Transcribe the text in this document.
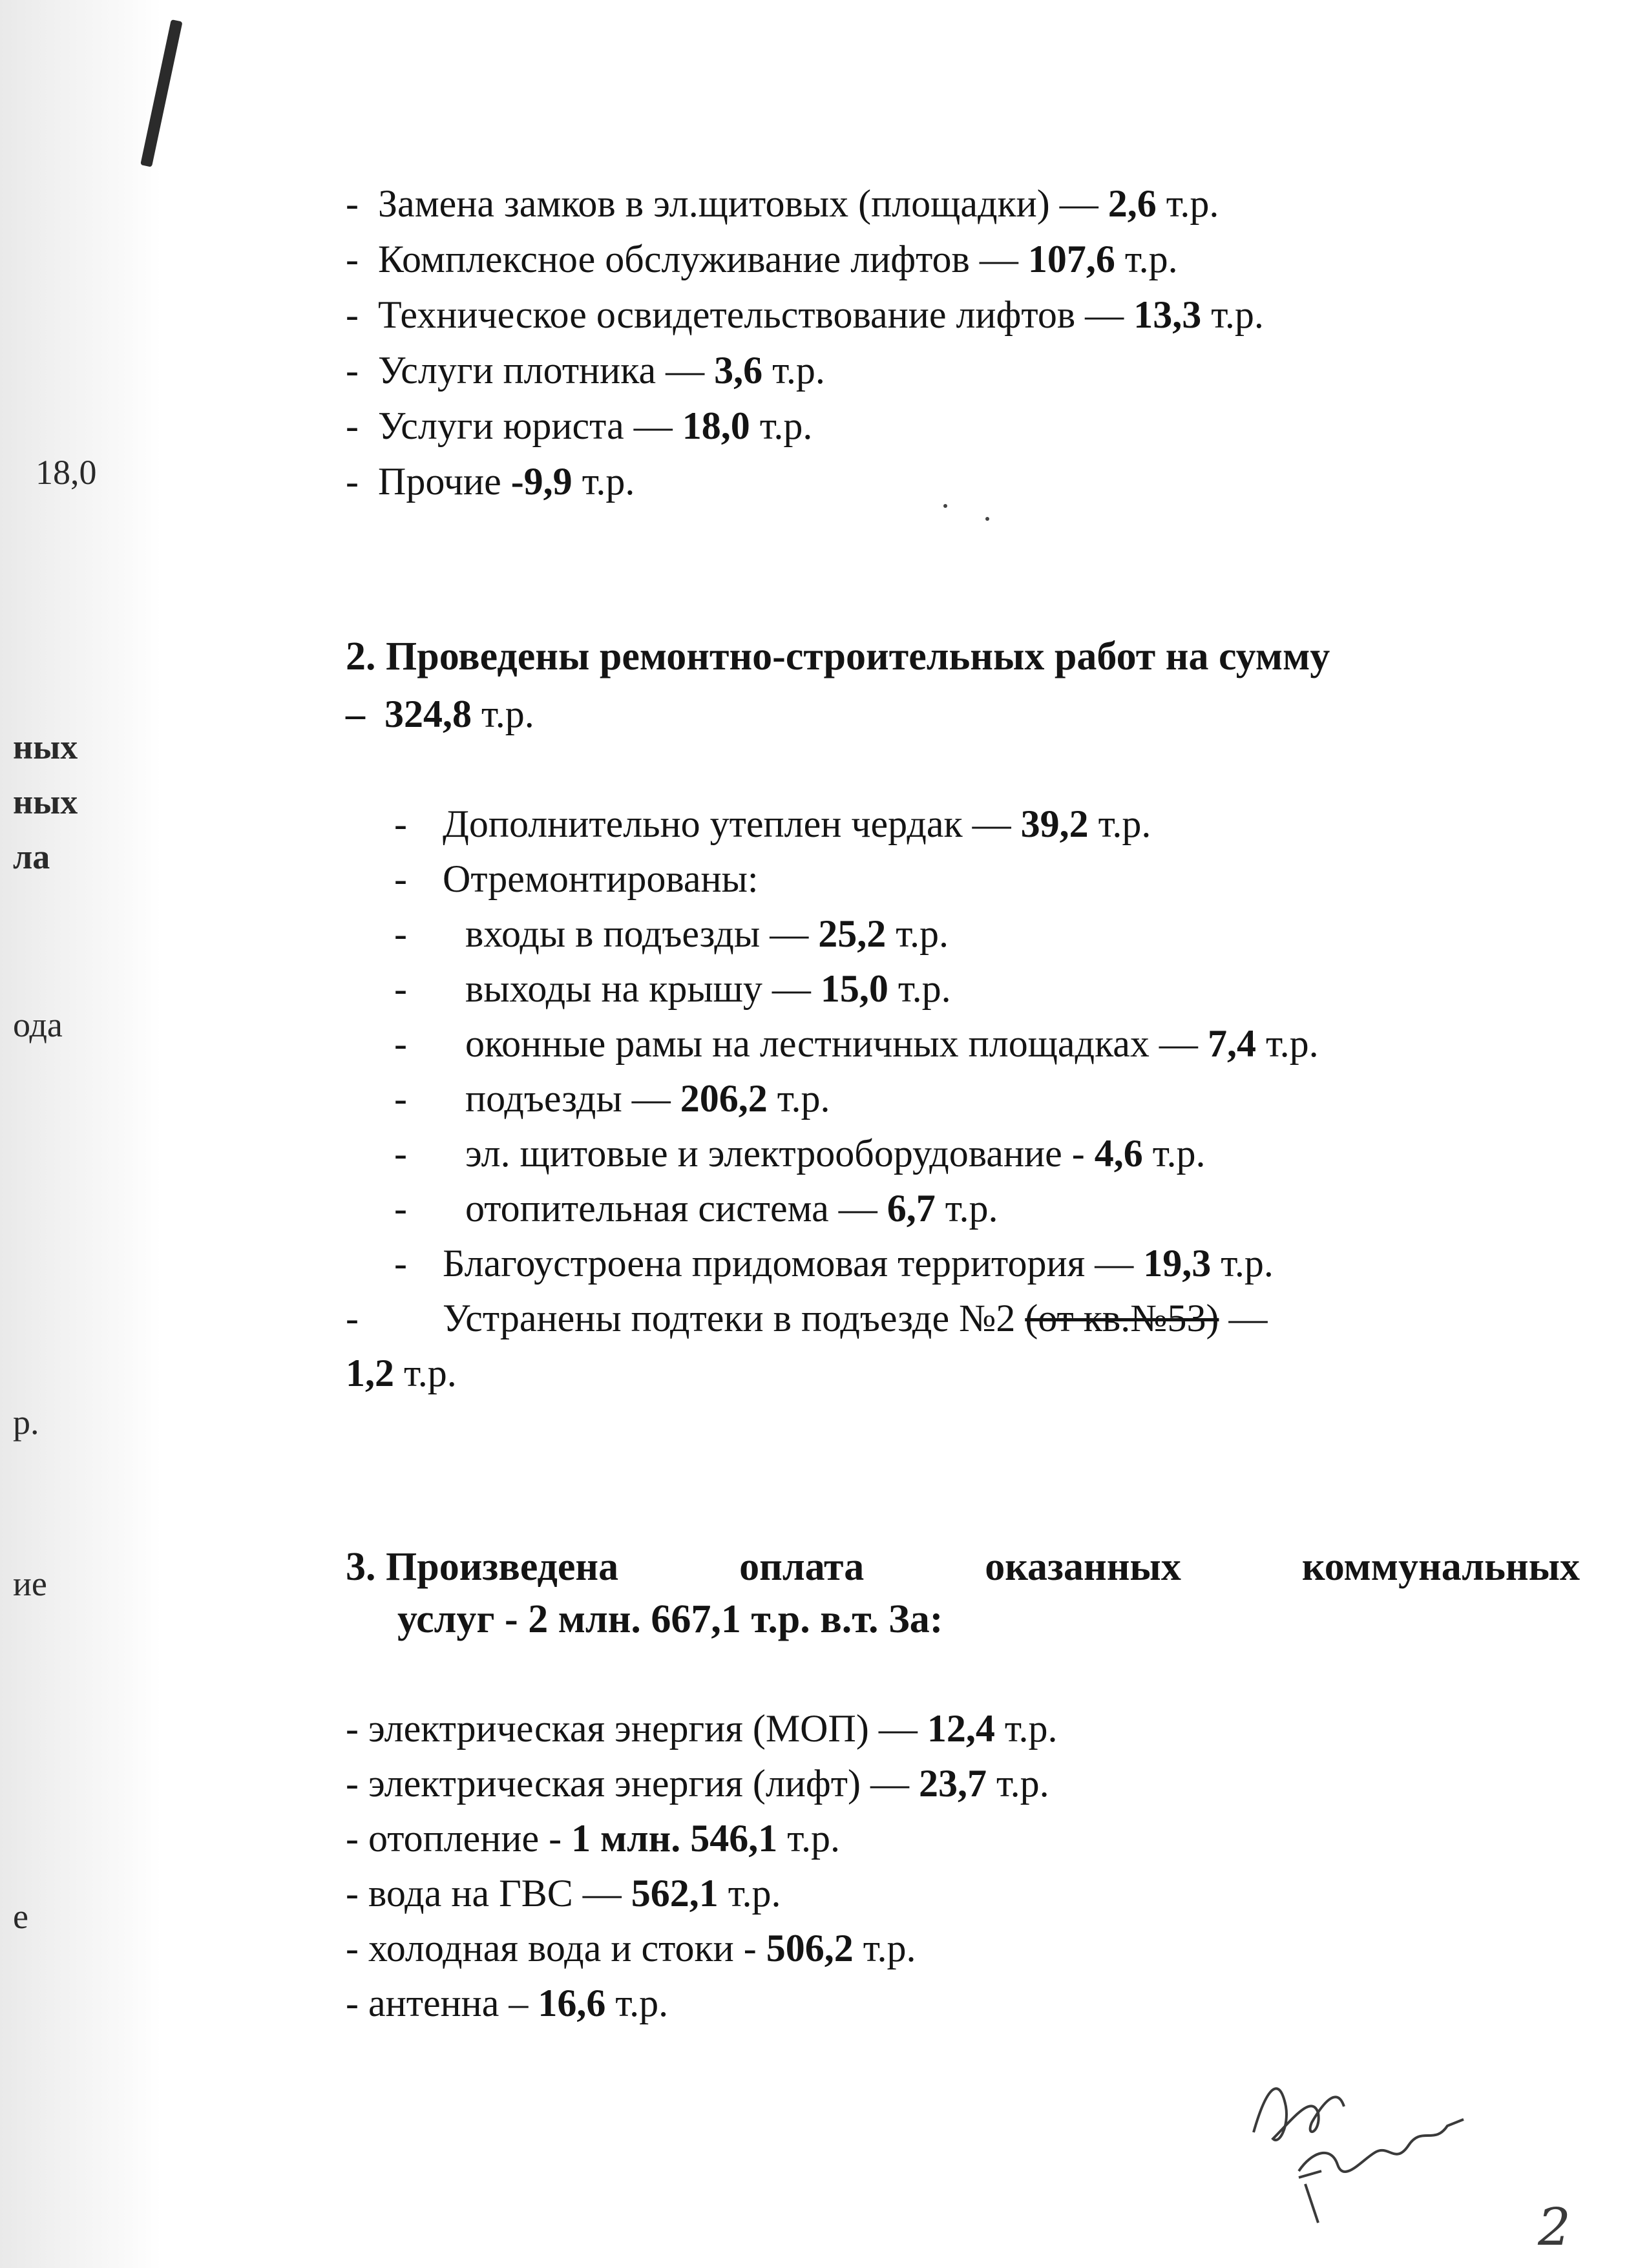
18,0
ных
ных
ла
ода
р.
ие
е
- Замена замков в эл.щитовых (площадки) — 2,6 т.р.
- Комплексное обслуживание лифтов — 107,6 т.р.
- Техническое освидетельствование лифтов — 13,3 т.р.
- Услуги плотника — 3,6 т.р.
- Услуги юриста — 18,0 т.р.
- Прочие -9,9 т.р.
2. Проведены ремонтно-строительных работ на сумму
–  324,8 т.р.
- Дополнительно утеплен чердак — 39,2 т.р.
- Отремонтированы:
- входы в подъезды — 25,2 т.р.
- выходы на крышу — 15,0 т.р.
- оконные рамы на лестничных площадках — 7,4 т.р.
- подъезды — 206,2 т.р.
- эл. щитовые и электрооборудование - 4,6 т.р.
- отопительная система — 6,7 т.р.
- Благоустроена придомовая территория — 19,3 т.р.
- Устранены подтеки в подъезде №2 (от кв.№53) —
1,2 т.р.
3. Произведена	оплата	оказанных	коммунальных
услуг - 2 млн. 667,1 т.р. в.т. За:
- электрическая энергия (МОП) — 12,4 т.р.
- электрическая энергия (лифт) — 23,7 т.р.
- отопление - 1 млн. 546,1 т.р.
- вода на ГВС — 562,1 т.р.
- холодная вода и стоки - 506,2 т.р.
- антенна – 16,6 т.р.
2
